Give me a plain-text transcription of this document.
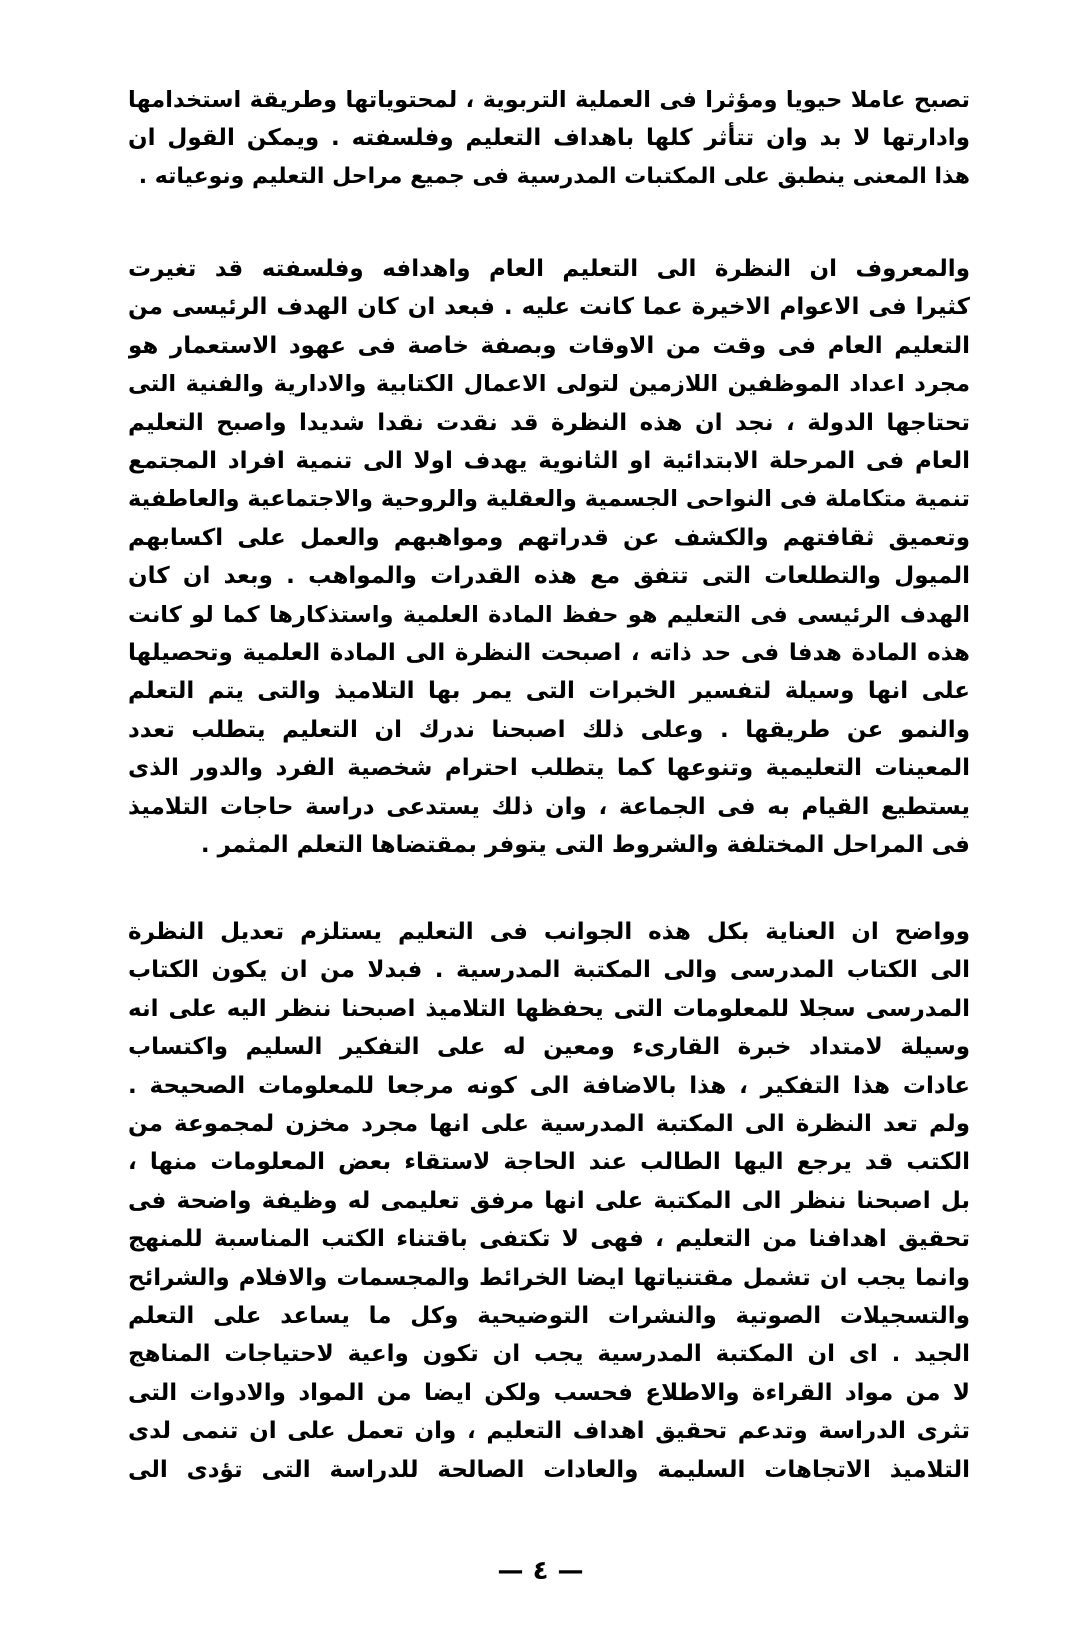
تصبح عاملا حيويا ومؤثرا فى العملية التربوية ، لمحتوياتها وطريقة استخدامها
وادارتها لا بد وان تتأثر كلها باهداف التعليم وفلسفته . ويمكن القول ان
هذا المعنى ينطبق على المكتبات المدرسية فى جميع مراحل التعليم ونوعياته .
والمعروف ان النظرة الى التعليم العام واهدافه وفلسفته قد تغيرت
كثيرا فى الاعوام الاخيرة عما كانت عليه . فبعد ان كان الهدف الرئيسى من
التعليم العام فى وقت من الاوقات وبصفة خاصة فى عهود الاستعمار هو
مجرد اعداد الموظفين اللازمين لتولى الاعمال الكتابية والادارية والفنية التى
تحتاجها الدولة ، نجد ان هذه النظرة قد نقدت نقدا شديدا واصبح التعليم
العام فى المرحلة الابتدائية او الثانوية يهدف اولا الى تنمية افراد المجتمع
تنمية متكاملة فى النواحى الجسمية والعقلية والروحية والاجتماعية والعاطفية
وتعميق ثقافتهم والكشف عن قدراتهم ومواهبهم والعمل على اكسابهم
الميول والتطلعات التى تتفق مع هذه القدرات والمواهب . وبعد ان كان
الهدف الرئيسى فى التعليم هو حفظ المادة العلمية واستذكارها كما لو كانت
هذه المادة هدفا فى حد ذاته ، اصبحت النظرة الى المادة العلمية وتحصيلها
على انها وسيلة لتفسير الخبرات التى يمر بها التلاميذ والتى يتم التعلم
والنمو عن طريقها . وعلى ذلك اصبحنا ندرك ان التعليم يتطلب تعدد
المعينات التعليمية وتنوعها كما يتطلب احترام شخصية الفرد والدور الذى
يستطيع القيام به فى الجماعة ، وان ذلك يستدعى دراسة حاجات التلاميذ
فى المراحل المختلفة والشروط التى يتوفر بمقتضاها التعلم المثمر .
وواضح ان العناية بكل هذه الجوانب فى التعليم يستلزم تعديل النظرة
الى الكتاب المدرسى والى المكتبة المدرسية . فبدلا من ان يكون الكتاب
المدرسى سجلا للمعلومات التى يحفظها التلاميذ اصبحنا ننظر اليه على انه
وسيلة لامتداد خبرة القارىء ومعين له على التفكير السليم واكتساب
عادات هذا التفكير ، هذا بالاضافة الى كونه مرجعا للمعلومات الصحيحة .
ولم تعد النظرة الى المكتبة المدرسية على انها مجرد مخزن لمجموعة من
الكتب قد يرجع اليها الطالب عند الحاجة لاستقاء بعض المعلومات منها ،
بل اصبحنا ننظر الى المكتبة على انها مرفق تعليمى له وظيفة واضحة فى
تحقيق اهدافنا من التعليم ، فهى لا تكتفى باقتناء الكتب المناسبة للمنهج
وانما يجب ان تشمل مقتنياتها ايضا الخرائط والمجسمات والافلام والشرائح
والتسجيلات الصوتية والنشرات التوضيحية وكل ما يساعد على التعلم
الجيد . اى ان المكتبة المدرسية يجب ان تكون واعية لاحتياجات المناهج
لا من مواد القراءة والاطلاع فحسب ولكن ايضا من المواد والادوات التى
تثرى الدراسة وتدعم تحقيق اهداف التعليم ، وان تعمل على ان تنمى لدى
التلاميذ الاتجاهات السليمة والعادات الصالحة للدراسة التى تؤدى الى
— ٤ —
